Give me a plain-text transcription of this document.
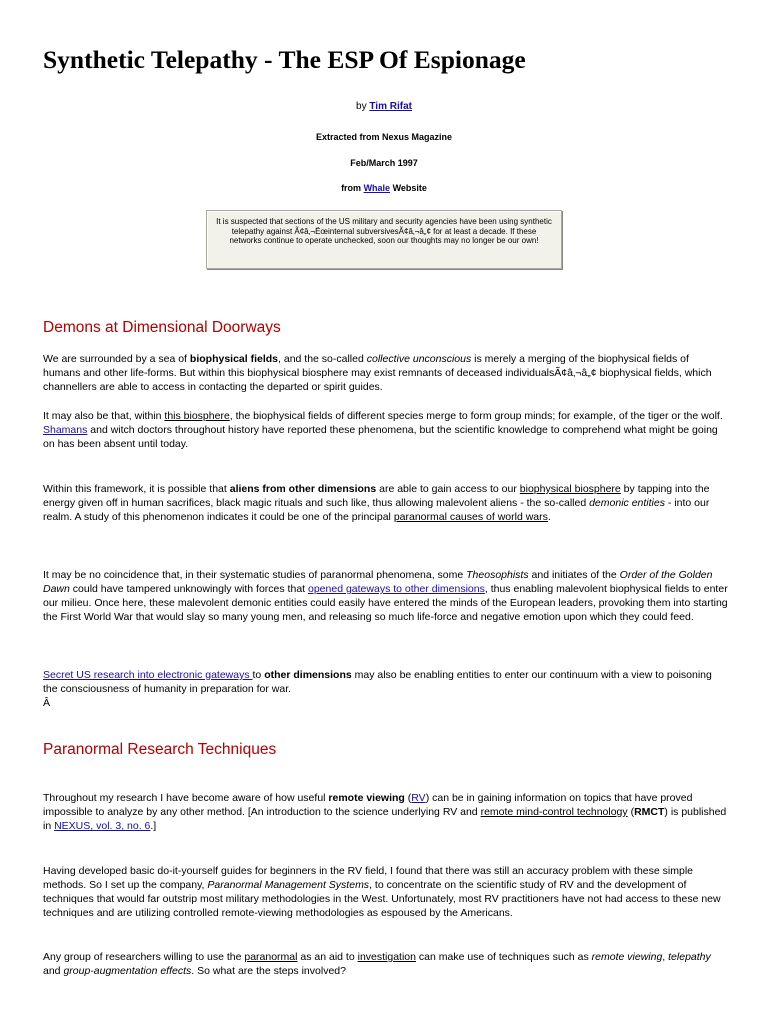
Synthetic Telepathy - The ESP Of Espionage

by Tim Rifat

Extracted from Nexus Magazine

Feb/March 1997

from Whale Website

It is suspected that sections of the US military and security agencies have been using synthetic telepathy against Ã¢â‚¬Ëœinternal subversivesÃ¢â‚¬â„¢ for at least a decade. If these networks continue to operate unchecked, soon our thoughts may no longer be our own!
Demons at Dimensional Doorways

We are surrounded by a sea of biophysical fields, and the so-called collective unconscious is merely a merging of the biophysical fields of humans and other life-forms. But within this biophysical biosphere may exist remnants of deceased individualsÃ¢â‚¬â„¢ biophysical fields, which channellers are able to access in contacting the departed or spirit guides.

It may also be that, within this biosphere, the biophysical fields of different species merge to form group minds; for example, of the tiger or the wolf. Shamans and witch doctors throughout history have reported these phenomena, but the scientific knowledge to comprehend what might be going on has been absent until today.

Within this framework, it is possible that aliens from other dimensions are able to gain access to our biophysical biosphere by tapping into the energy given off in human sacrifices, black magic rituals and such like, thus allowing malevolent aliens - the so-called demonic entities - into our realm. A study of this phenomenon indicates it could be one of the principal paranormal causes of world wars.

It may be no coincidence that, in their systematic studies of paranormal phenomena, some Theosophists and initiates of the Order of the Golden Dawn could have tampered unknowingly with forces that opened gateways to other dimensions, thus enabling malevolent biophysical fields to enter our milieu. Once here, these malevolent demonic entities could easily have entered the minds of the European leaders, provoking them into starting the First World War that would slay so many young men, and releasing so much life-force and negative emotion upon which they could feed.

Secret US research into electronic gateways to other dimensions may also be enabling entities to enter our continuum with a view to poisoning the consciousness of humanity in preparation for war.
Â

Paranormal Research Techniques

Throughout my research I have become aware of how useful remote viewing (RV) can be in gaining information on topics that have proved impossible to analyze by any other method. [An introduction to the science underlying RV and remote mind-control technology (RMCT) is published in NEXUS, vol. 3, no. 6.]

Having developed basic do-it-yourself guides for beginners in the RV field, I found that there was still an accuracy problem with these simple methods. So I set up the company, Paranormal Management Systems, to concentrate on the scientific study of RV and the development of techniques that would far outstrip most military methodologies in the West. Unfortunately, most RV practitioners have not had access to these new techniques and are utilizing controlled remote-viewing methodologies as espoused by the Americans.

Any group of researchers willing to use the paranormal as an aid to investigation can make use of techniques such as remote viewing, telepathy and group-augmentation effects. So what are the steps involved?
